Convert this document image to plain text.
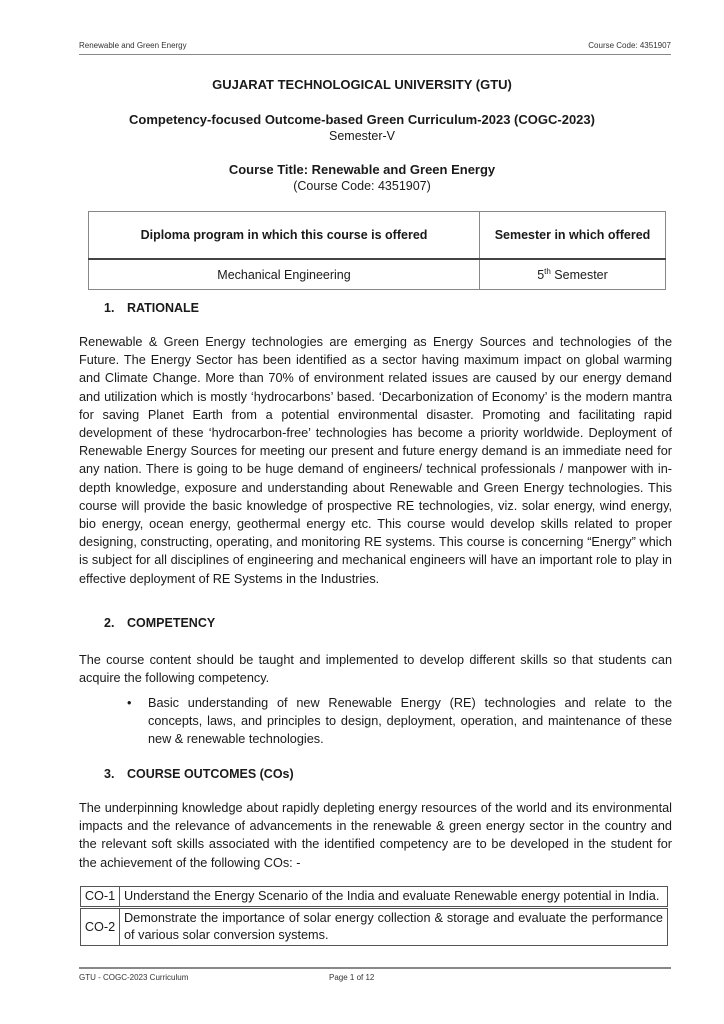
Renewable and Green Energy	Course Code: 4351907
GUJARAT TECHNOLOGICAL UNIVERSITY (GTU)
Competency-focused Outcome-based Green Curriculum-2023 (COGC-2023)
Semester-V
Course Title: Renewable and Green Energy
(Course Code: 4351907)
Diploma program in which this course is offered	Semester in which offered
Mechanical Engineering	5th Semester
1. RATIONALE
Renewable & Green Energy technologies are emerging as Energy Sources and technologies of the Future. The Energy Sector has been identified as a sector having maximum impact on global warming and Climate Change. More than 70% of environment related issues are caused by our energy demand and utilization which is mostly ‘hydrocarbons’ based. ‘Decarbonization of Economy’ is the modern mantra for saving Planet Earth from a potential environmental disaster. Promoting and facilitating rapid development of these ‘hydrocarbon-free’ technologies has become a priority worldwide. Deployment of Renewable Energy Sources for meeting our present and future energy demand is an immediate need for any nation. There is going to be huge demand of engineers/ technical professionals / manpower with in-depth knowledge, exposure and understanding about Renewable and Green Energy technologies. This course will provide the basic knowledge of prospective RE technologies, viz. solar energy, wind energy, bio energy, ocean energy, geothermal energy etc. This course would develop skills related to proper designing, constructing, operating, and monitoring RE systems. This course is concerning “Energy” which is subject for all disciplines of engineering and mechanical engineers will have an important role to play in effective deployment of RE Systems in the Industries.
2. COMPETENCY
The course content should be taught and implemented to develop different skills so that students can acquire the following competency.
• Basic understanding of new Renewable Energy (RE) technologies and relate to the concepts, laws, and principles to design, deployment, operation, and maintenance of these new & renewable technologies.
3. COURSE OUTCOMES (COs)
The underpinning knowledge about rapidly depleting energy resources of the world and its environmental impacts and the relevance of advancements in the renewable & green energy sector in the country and the relevant soft skills associated with the identified competency are to be developed in the student for the achievement of the following COs: -
CO-1	Understand the Energy Scenario of the India and evaluate Renewable energy potential in India.
CO-2	Demonstrate the importance of solar energy collection & storage and evaluate the performance of various solar conversion systems.
GTU - COGC-2023 Curriculum	Page 1 of 12
